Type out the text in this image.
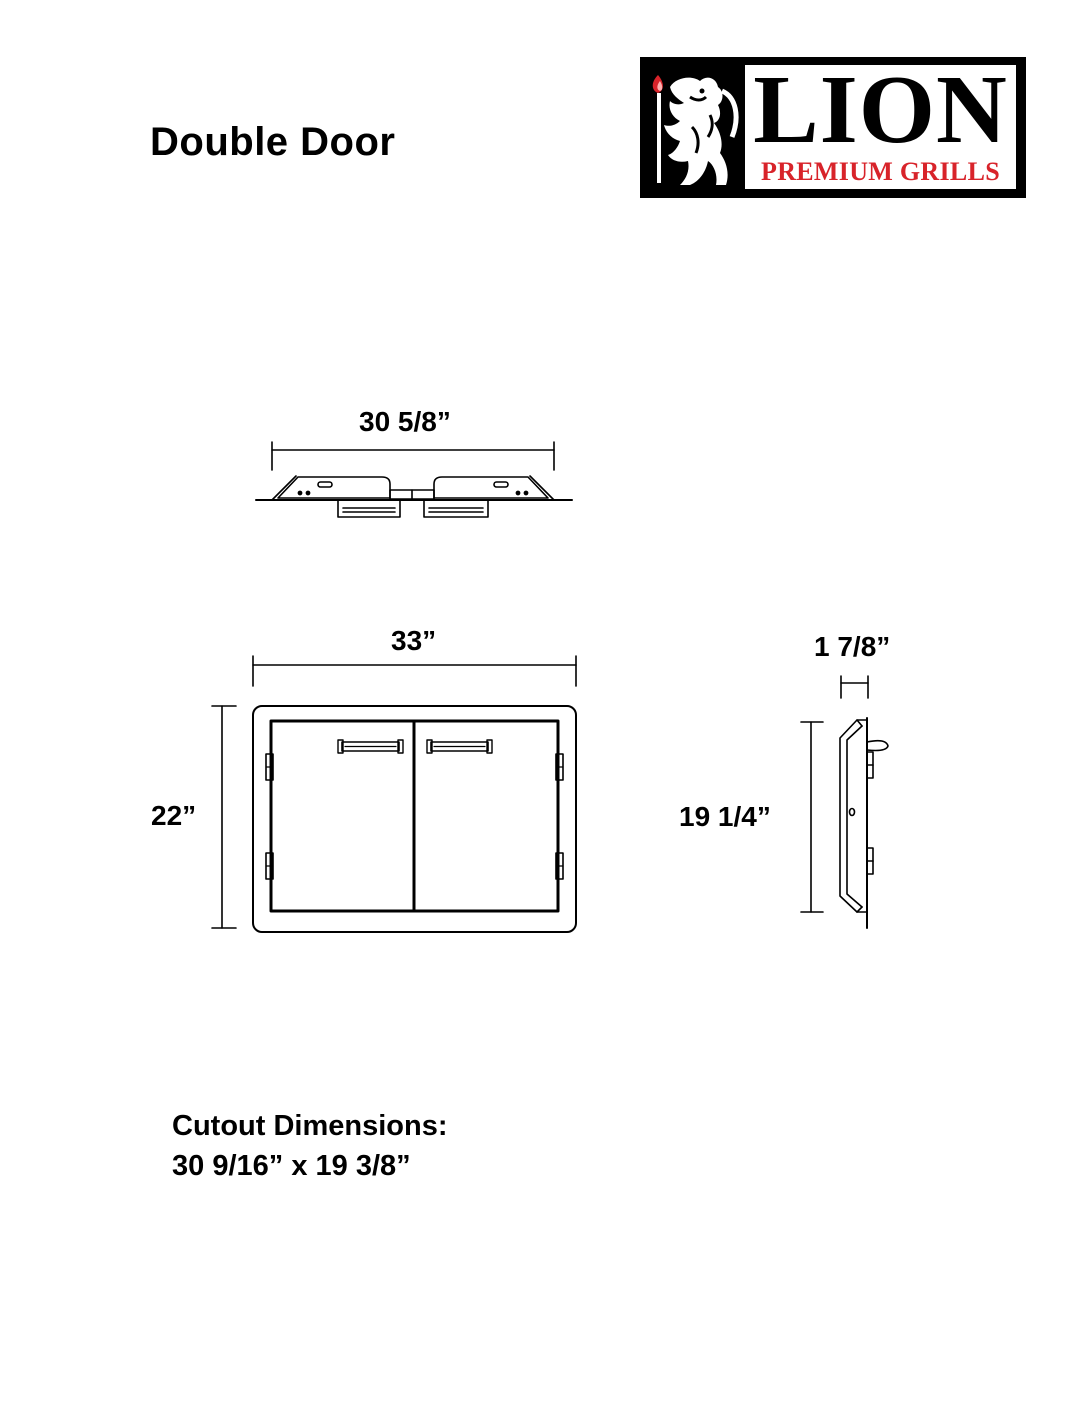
Double Door	LION
PREMIUM GRILLS
30 5/8”
33”
22”
1 7/8”
19 1/4”
Cutout Dimensions:
30 9/16” x 19 3/8”
